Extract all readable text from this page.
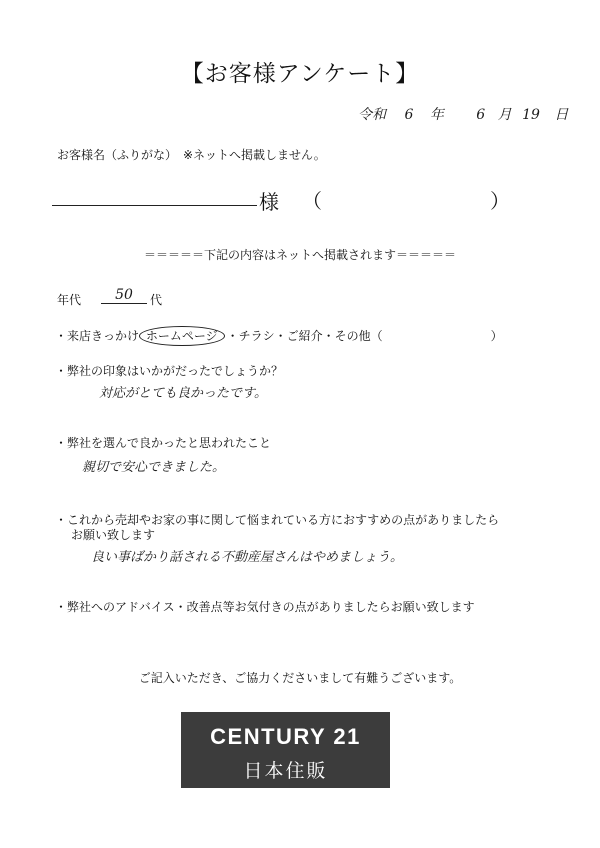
【お客様アンケート】
令和 6 年 6 月 19 日
お客様名（ふりがな）　※ネットへ掲載しません。
様 （	）
＝＝＝＝＝下記の内容はネットへ掲載されます＝＝＝＝＝
年代	50	代
・来店きっかけ ホームページ ・チラシ・ご紹介・その他（　　　　　　　　　）
・弊社の印象はいかがだったでしょうか？
対応がとても良かったです。
・弊社を選んで良かったと思われたこと
親切で安心できました。
・これから売却やお家の事に関して悩まれている方におすすめの点がありましたら
お願い致します
良い事ばかり話される不動産屋さんはやめましょう。
・弊社へのアドバイス・改善点等お気付きの点がありましたらお願い致します
ご記入いただき、ご協力くださいまして有難うございます。
CENTURY 21
日本住販
